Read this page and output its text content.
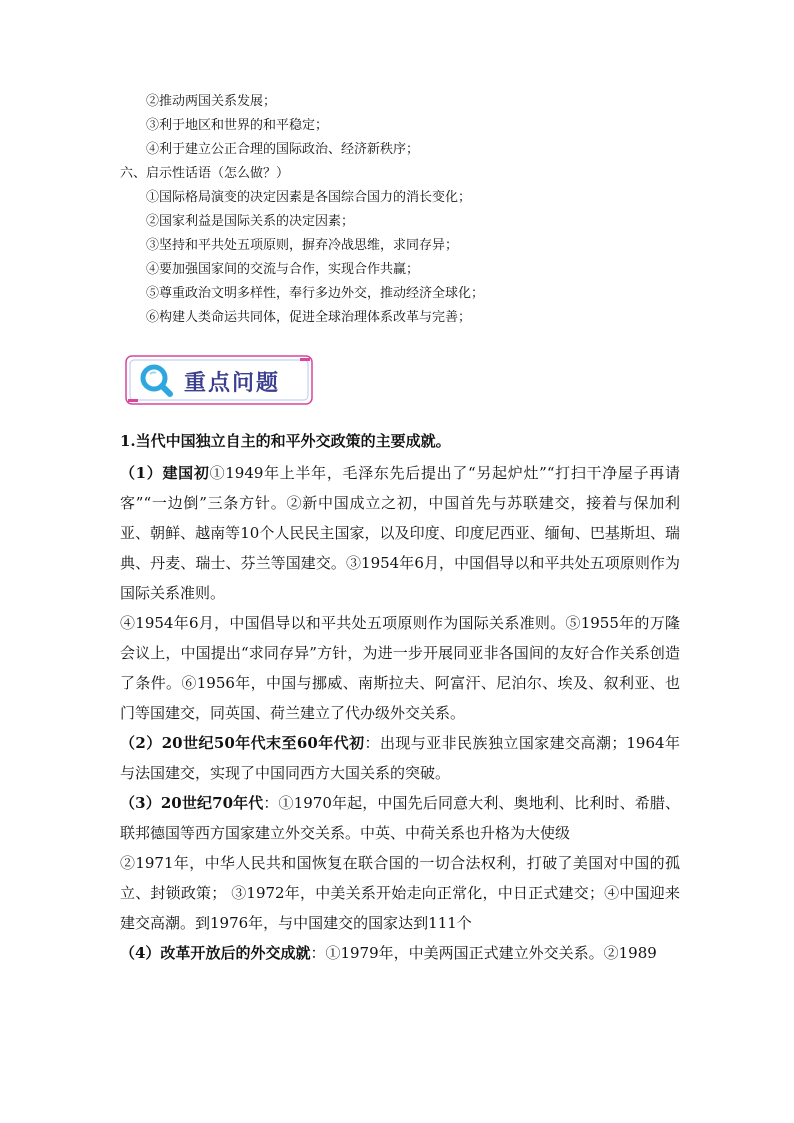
②推动两国关系发展；

③利于地区和世界的和平稳定；

④利于建立公正合理的国际政治、经济新秩序；

六、启示性话语（怎么做？）

①国际格局演变的决定因素是各国综合国力的消长变化；

②国家利益是国际关系的决定因素；

③坚持和平共处五项原则，摒弃冷战思维，求同存异；

④要加强国家间的交流与合作，实现合作共赢；

⑤尊重政治文明多样性，奉行多边外交，推动经济全球化；

⑥构建人类命运共同体，促进全球治理体系改革与完善；

重点问题

1.当代中国独立自主的和平外交政策的主要成就。

（1）建国初①1949年上半年，毛泽东先后提出了“另起炉灶”“打扫干净屋子再请客”“一边倒”三条方针。②新中国成立之初，中国首先与苏联建交，接着与保加利亚、朝鲜、越南等10个人民民主国家，以及印度、印度尼西亚、缅甸、巴基斯坦、瑞典、丹麦、瑞士、芬兰等国建交。③1954年6月，中国倡导以和平共处五项原则作为国际关系准则。

④1954年6月，中国倡导以和平共处五项原则作为国际关系准则。⑤1955年的万隆会议上，中国提出“求同存异”方针，为进一步开展同亚非各国间的友好合作关系创造了条件。⑥1956年，中国与挪威、南斯拉夫、阿富汗、尼泊尔、埃及、叙利亚、也门等国建交，同英国、荷兰建立了代办级外交关系。

（2）20世纪50年代末至60年代初：出现与亚非民族独立国家建交高潮；1964年与法国建交，实现了中国同西方大国关系的突破。

（3）20世纪70年代：①1970年起，中国先后同意大利、奥地利、比利时、希腊、联邦德国等西方国家建立外交关系。中英、中荷关系也升格为大使级

②1971年，中华人民共和国恢复在联合国的一切合法权利，打破了美国对中国的孤立、封锁政策； ③1972年，中美关系开始走向正常化，中日正式建交；④中国迎来建交高潮。到1976年，与中国建交的国家达到111个

（4）改革开放后的外交成就：①1979年，中美两国正式建立外交关系。②1989
